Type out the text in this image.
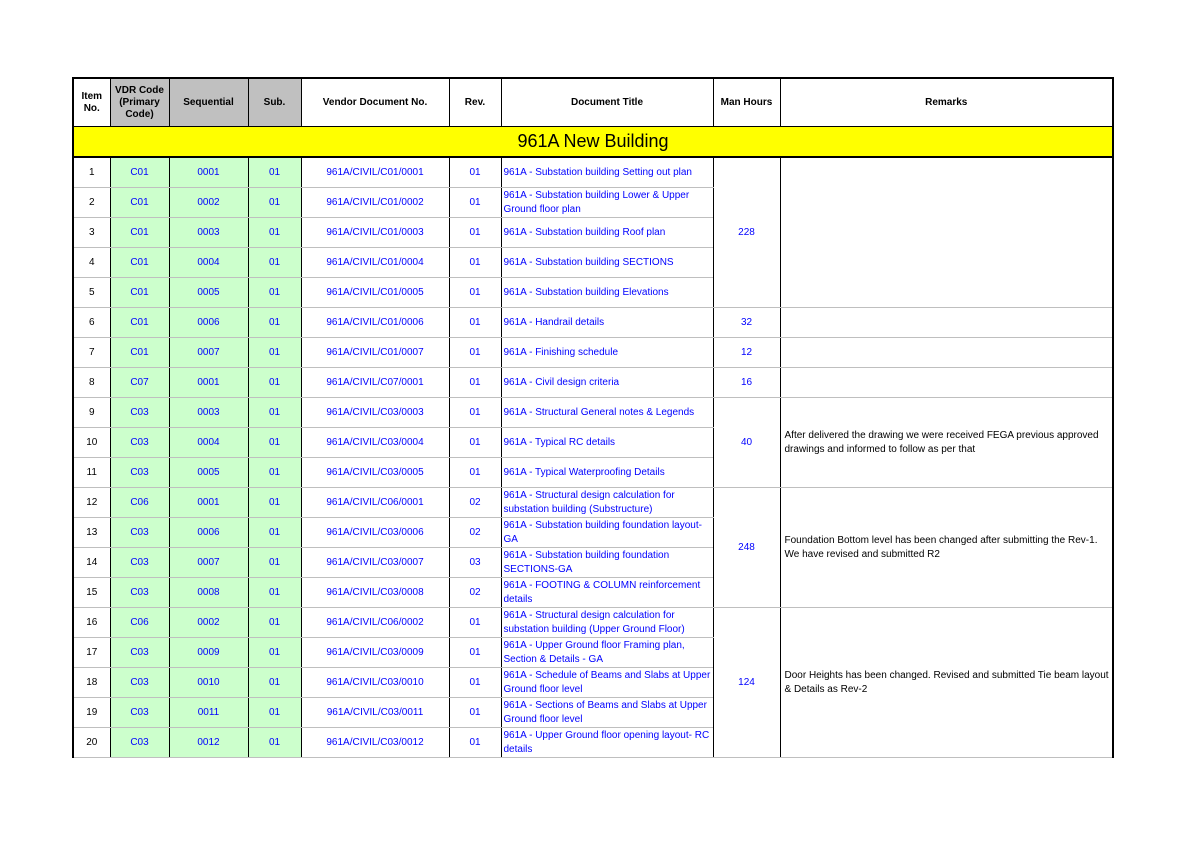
Item No.	VDR Code (Primary Code)	Sequential	Sub.	Vendor Document No.	Rev.	Document Title	Man Hours	Remarks
961A New Building								
1	C01	0001	01	961A/CIVIL/C01/0001	01	961A - Substation building Setting out plan	228	
2	C01	0002	01	961A/CIVIL/C01/0002	01	961A - Substation building Lower & Upper Ground floor plan		
3	C01	0003	01	961A/CIVIL/C01/0003	01	961A - Substation building Roof plan		
4	C01	0004	01	961A/CIVIL/C01/0004	01	961A - Substation building SECTIONS		
5	C01	0005	01	961A/CIVIL/C01/0005	01	961A - Substation building Elevations		
6	C01	0006	01	961A/CIVIL/C01/0006	01	961A - Handrail details	32	
7	C01	0007	01	961A/CIVIL/C01/0007	01	961A - Finishing schedule	12	
8	C07	0001	01	961A/CIVIL/C07/0001	01	961A - Civil design criteria	16	
9	C03	0003	01	961A/CIVIL/C03/0003	01	961A - Structural General notes & Legends	40	After delivered the drawing we were received FEGA previous approved drawings and informed to follow as per that
10	C03	0004	01	961A/CIVIL/C03/0004	01	961A - Typical RC details		
11	C03	0005	01	961A/CIVIL/C03/0005	01	961A - Typical Waterproofing Details		
12	C06	0001	01	961A/CIVIL/C06/0001	02	961A - Structural design calculation for substation building (Substructure)	248	Foundation Bottom level has been changed after submitting the Rev-1. We have revised and submitted R2
13	C03	0006	01	961A/CIVIL/C03/0006	02	961A - Substation building foundation layout-GA		
14	C03	0007	01	961A/CIVIL/C03/0007	03	961A - Substation building foundation SECTIONS-GA		
15	C03	0008	01	961A/CIVIL/C03/0008	02	961A - FOOTING & COLUMN reinforcement details		
16	C06	0002	01	961A/CIVIL/C06/0002	01	961A - Structural design calculation for substation building (Upper Ground Floor)	124	Door Heights has been changed. Revised and submitted Tie beam layout & Details as Rev-2
17	C03	0009	01	961A/CIVIL/C03/0009	01	961A - Upper Ground floor Framing plan, Section & Details - GA		
18	C03	0010	01	961A/CIVIL/C03/0010	01	961A - Schedule of Beams and Slabs at Upper Ground floor level		
19	C03	0011	01	961A/CIVIL/C03/0011	01	961A - Sections of Beams and Slabs at Upper Ground floor level		
20	C03	0012	01	961A/CIVIL/C03/0012	01	961A - Upper Ground floor opening layout- RC details		
